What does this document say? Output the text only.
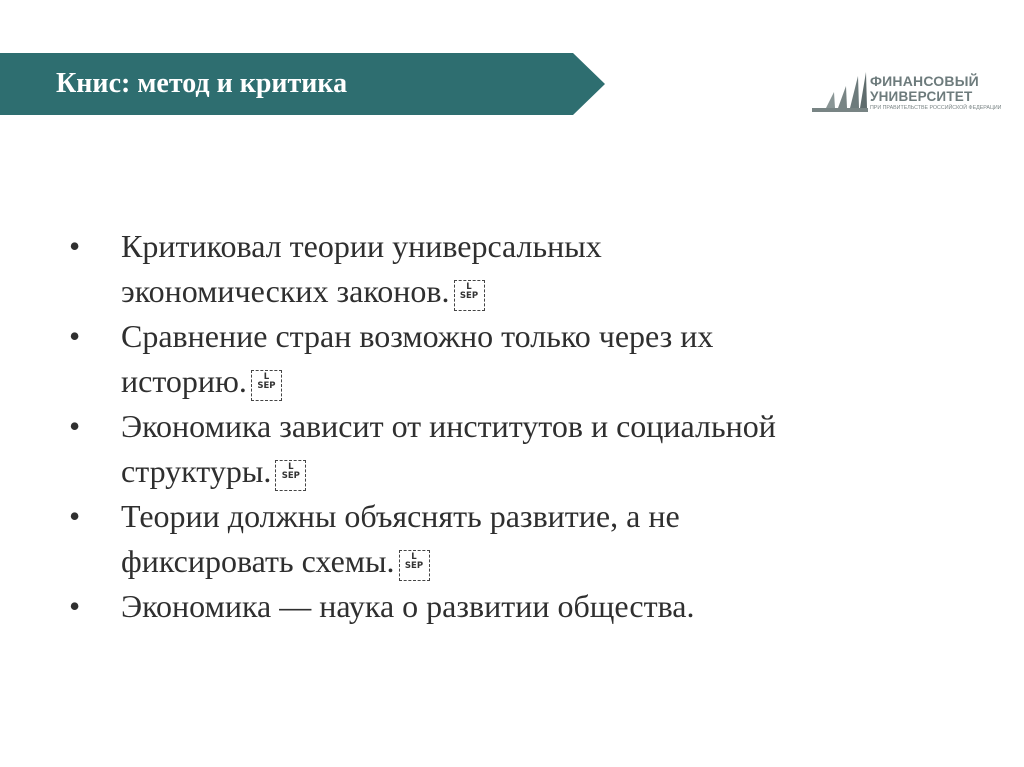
Книс: метод и критика	ФИНАНСОВЫЙ
УНИВЕРСИТЕТ
ПРИ ПРАВИТЕЛЬСТВЕ РОССИЙСКОЙ ФЕДЕРАЦИИ
• Критиковал теории универсальных
экономических законов.	L
SEP
• Сравнение стран возможно только через их
историю.	L
SEP
• Экономика зависит от институтов и социальной
структуры.	L
SEP
• Теории должны объяснять развитие, а не
фиксировать схемы.	L
SEP
• Экономика — наука о развитии общества.
